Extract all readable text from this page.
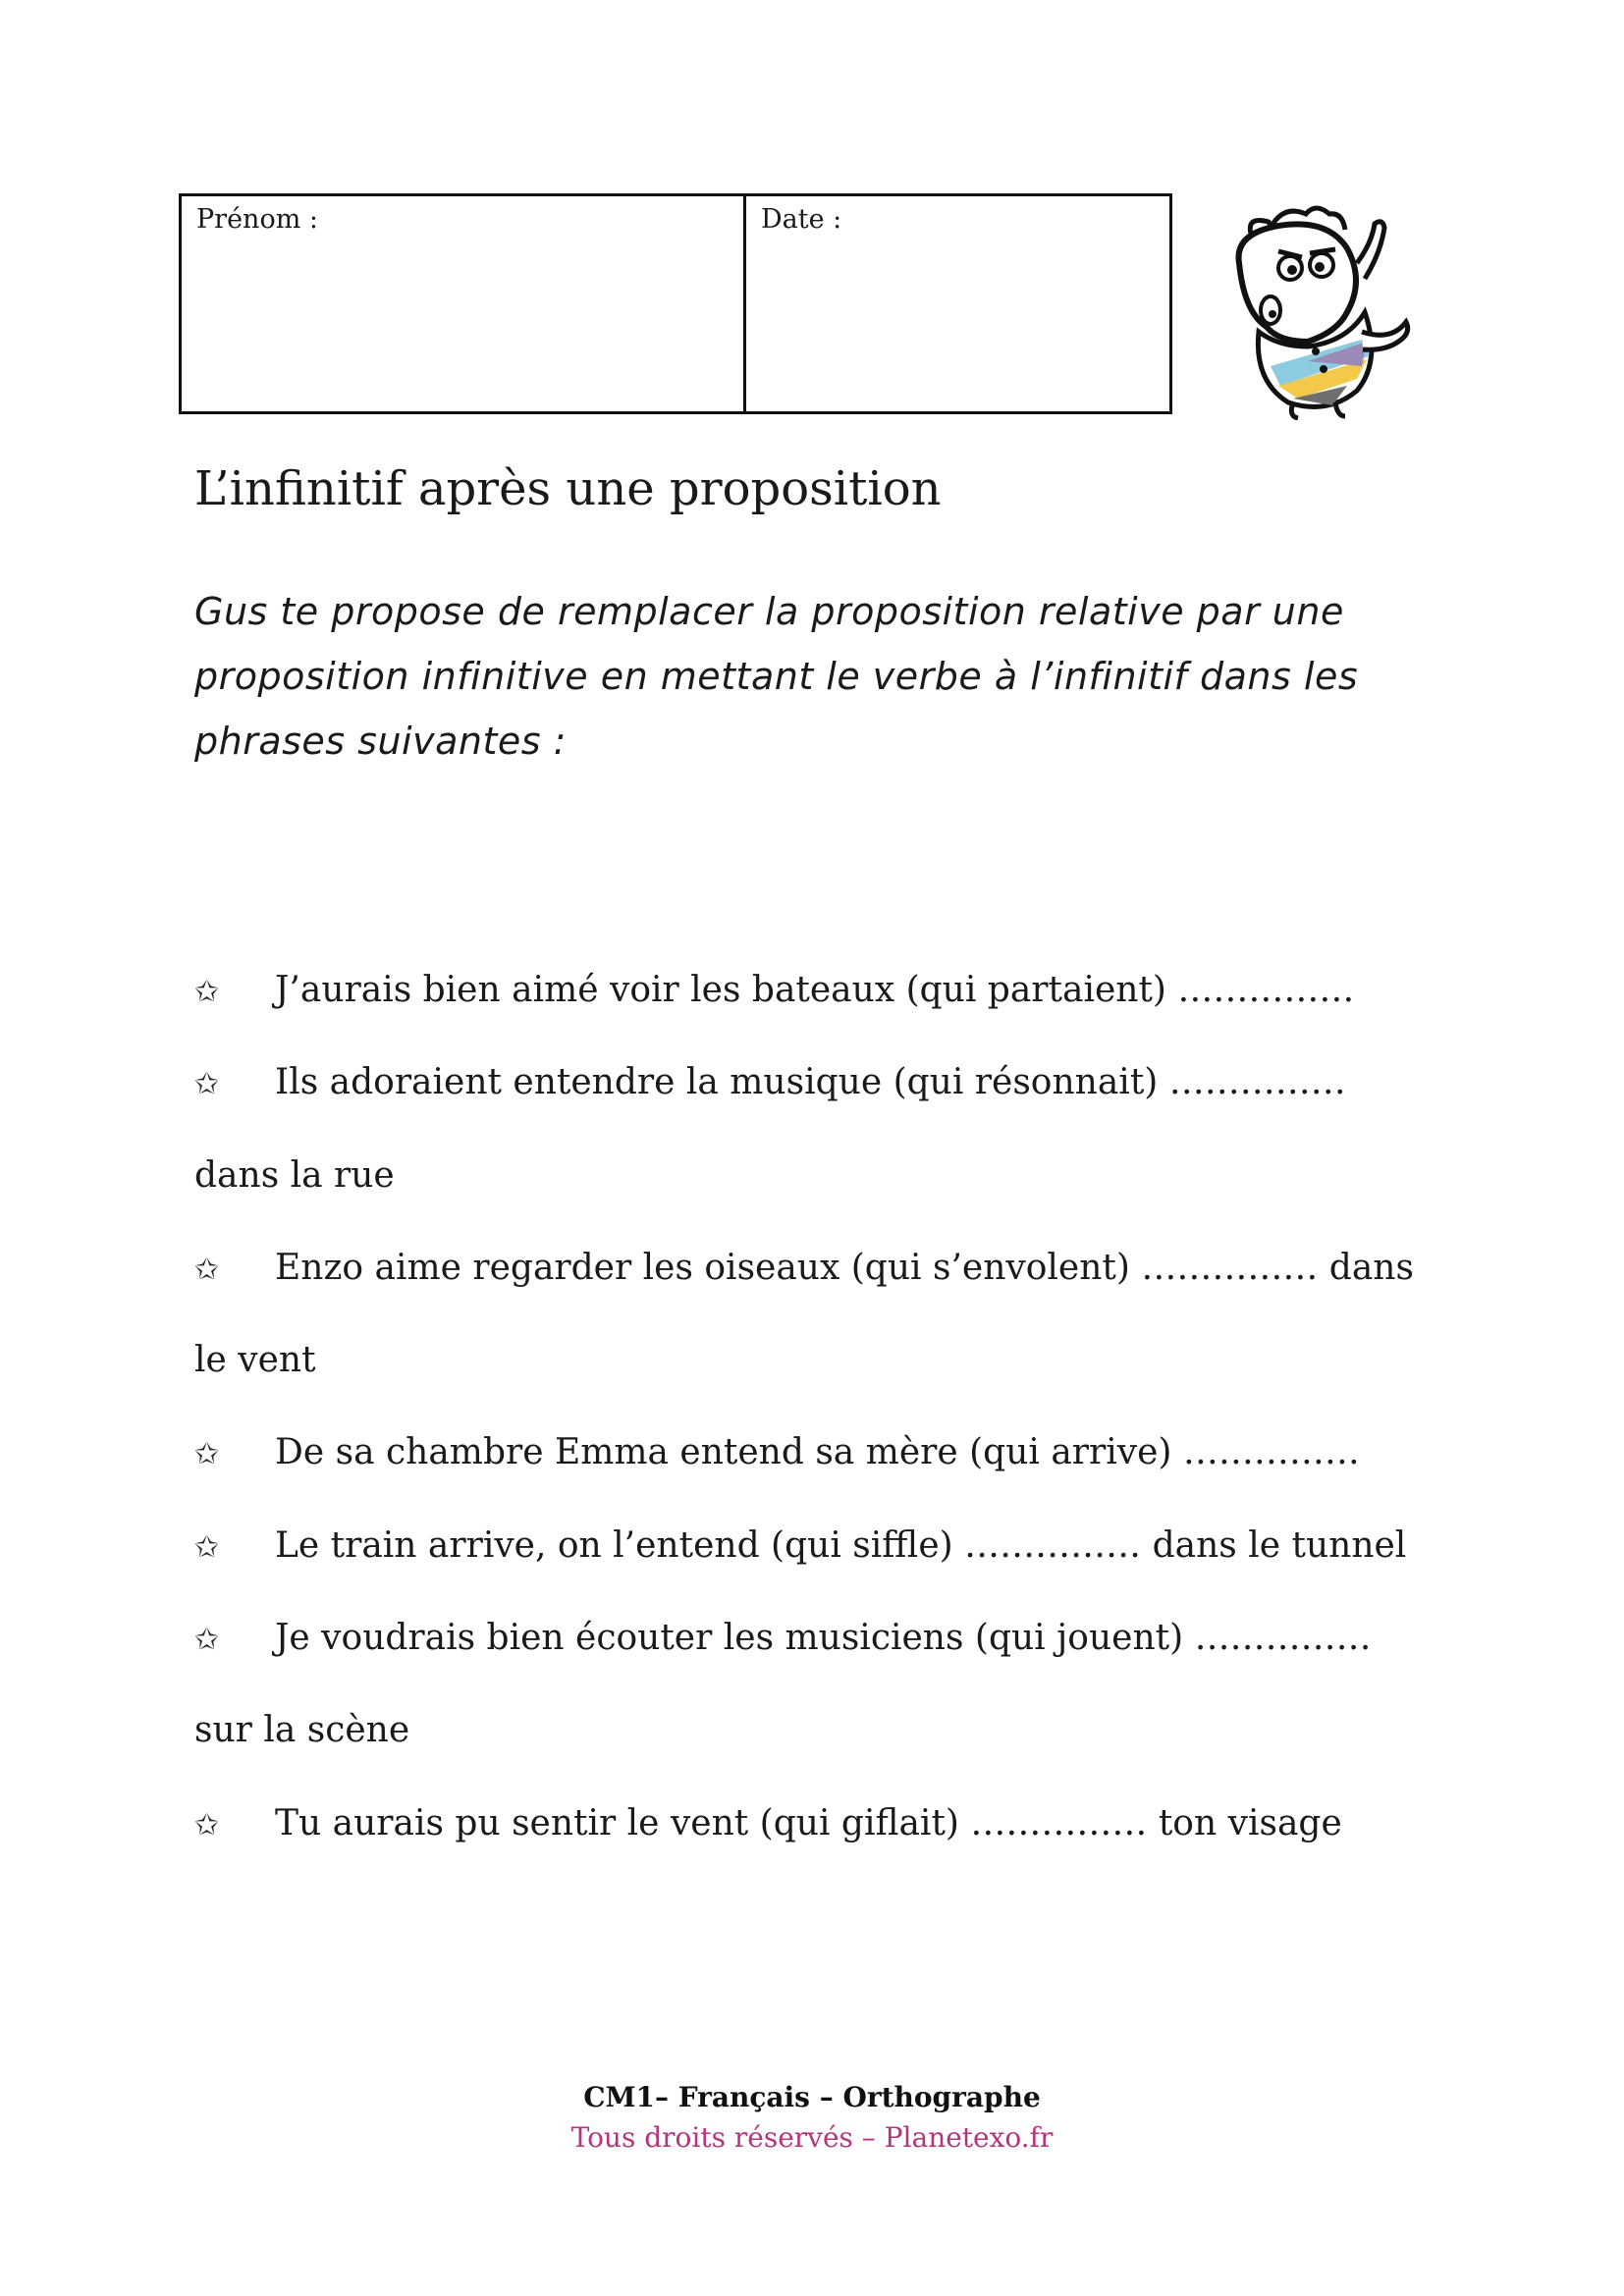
Prénom :	Date :
L’infinitif après une proposition

Gus te propose de remplacer la proposition relative par une proposition infinitive en mettant le verbe à l’infinitif dans les phrases suivantes :

✩ J’aurais bien aimé voir les bateaux (qui partaient) ……………
✩ Ils adoraient entendre la musique (qui résonnait) ……………
dans la rue
✩ Enzo aime regarder les oiseaux (qui s’envolent) …………… dans
le vent
✩ De sa chambre Emma entend sa mère (qui arrive) ……………
✩ Le train arrive, on l’entend (qui siffle) …………… dans le tunnel
✩ Je voudrais bien écouter les musiciens (qui jouent) ……………
sur la scène
✩ Tu aurais pu sentir le vent (qui giflait) …………… ton visage
CM1– Français – Orthographe
Tous droits réservés – Planetexo.fr
